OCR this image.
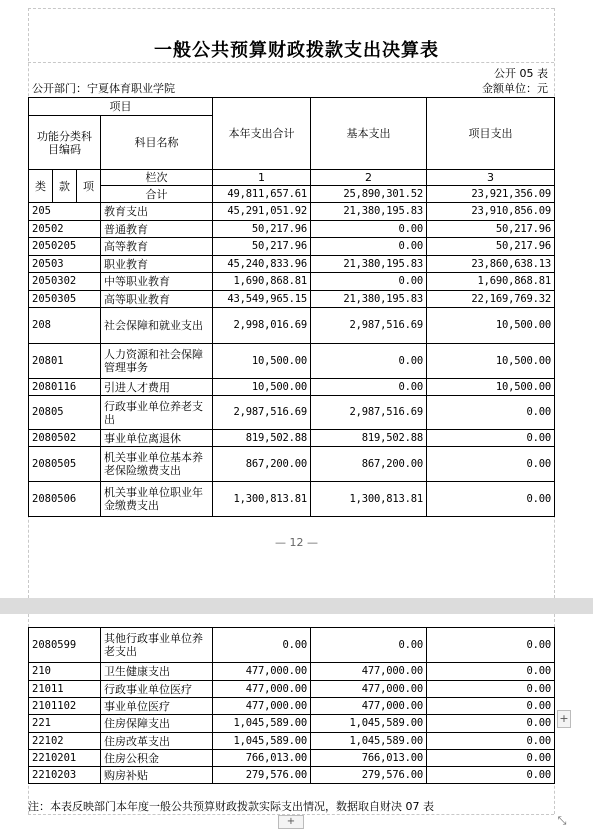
一般公共预算财政拨款支出决算表
公开 05 表
公开部门：宁夏体育职业学院	金额单位：元
项目				本年支出合计	基本支出	项目支出
功能分类科目编码			科目名称			

类	款	项	栏次	1	2	3
			合计	49,811,657.61	25,890,301.52	23,921,356.09
205			教育支出	45,291,051.92	21,380,195.83	23,910,856.09
20502			普通教育	50,217.96	0.00	50,217.96
2050205			高等教育	50,217.96	0.00	50,217.96
20503			职业教育	45,240,833.96	21,380,195.83	23,860,638.13
2050302			中等职业教育	1,690,868.81	0.00	1,690,868.81
2050305			高等职业教育	43,549,965.15	21,380,195.83	22,169,769.32
208			社会保障和就业支出	2,998,016.69	2,987,516.69	10,500.00
20801			人力资源和社会保障管理事务	10,500.00	0.00	10,500.00
2080116			引进人才费用	10,500.00	0.00	10,500.00
20805			行政事业单位养老支出	2,987,516.69	2,987,516.69	0.00
2080502			事业单位离退休	819,502.88	819,502.88	0.00
2080505			机关事业单位基本养老保险缴费支出	867,200.00	867,200.00	0.00
2080506			机关事业单位职业年金缴费支出	1,300,813.81	1,300,813.81	0.00
— 12 —
2080599	其他行政事业单位养老支出	0.00	0.00	0.00
210	卫生健康支出	477,000.00	477,000.00	0.00
21011	行政事业单位医疗	477,000.00	477,000.00	0.00
2101102	事业单位医疗	477,000.00	477,000.00	0.00
221	住房保障支出	1,045,589.00	1,045,589.00	0.00
22102	住房改革支出	1,045,589.00	1,045,589.00	0.00
2210201	住房公积金	766,013.00	766,013.00	0.00
2210203	购房补贴	279,576.00	279,576.00	0.00
注：本表反映部门本年度一般公共预算财政拨款实际支出情况，数据取自财决 07 表
+
+	⤡
